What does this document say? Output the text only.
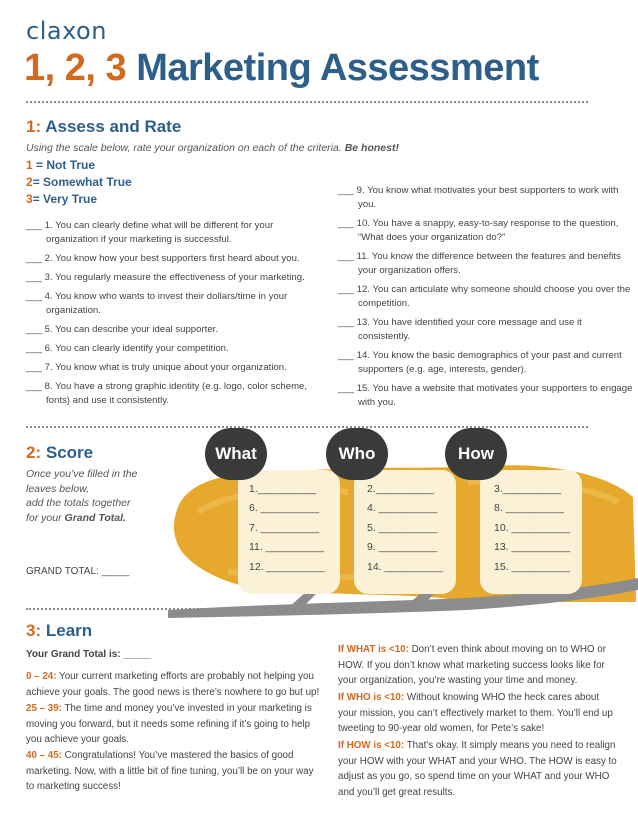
claxon
1, 2, 3 Marketing Assessment
1: Assess and Rate
Using the scale below, rate your organization on each of the criteria. Be honest!
1 = Not True
2= Somewhat True
3= Very True
___ 1. You can clearly define what will be different for your organization if your marketing is successful.
___ 2. You know how your best supporters first heard about you.
___ 3. You regularly measure the effectiveness of your marketing.
___ 4. You know who wants to invest their dollars/time in your organization.
___ 5. You can describe your ideal supporter.
___ 6. You can clearly identify your competition.
___ 7. You know what is truly unique about your organization.
___ 8. You have a strong graphic identity (e.g. logo, color scheme, fonts) and use it consistently.
___ 9. You know what motivates your best supporters to work with you.
___ 10. You have a snappy, easy-to-say response to the question, “What does your organization do?”
___ 11. You know the difference between the features and benefits your organization offers.
___ 12. You can articulate why someone should choose you over the competition.
___ 13. You have identified your core message and use it consistently.
___ 14. You know the basic demographics of your past and current supporters (e.g. age, interests, gender).
___ 15. You have a website that motivates your supporters to engage with you.
2: Score
Once you’ve filled in the
leaves below,
add the totals together
for your Grand Total.
GRAND TOTAL: _____
What	Who	How
1.__________
6. __________
7. __________
11. __________
12. __________
2.__________
4. __________
5. __________
9. __________
14. __________
3.__________
8. __________
10. __________
13. __________
15. __________
3: Learn
Your Grand Total is: _____
0 – 24: Your current marketing efforts are probably not helping you achieve your goals. The good news is there’s nowhere to go but up!
25 – 39: The time and money you’ve invested in your marketing is moving you forward, but it needs some refining if it’s going to help you achieve your goals.
40 – 45: Congratulations! You’ve mastered the basics of good marketing. Now, with a little bit of fine tuning, you’ll be on your way to marketing success!
If WHAT is <10: Don’t even think about moving on to WHO or HOW. If you don’t know what marketing success looks like for your organization, you’re wasting your time and money.
If WHO is <10: Without knowing WHO the heck cares about your mission, you can’t effectively market to them. You’ll end up tweeting to 90-year old women, for Pete’s sake!
If HOW is <10: That’s okay. It simply means you need to realign your HOW with your WHAT and your WHO. The HOW is easy to adjust as you go, so spend time on your WHAT and your WHO and you’ll get great results.
